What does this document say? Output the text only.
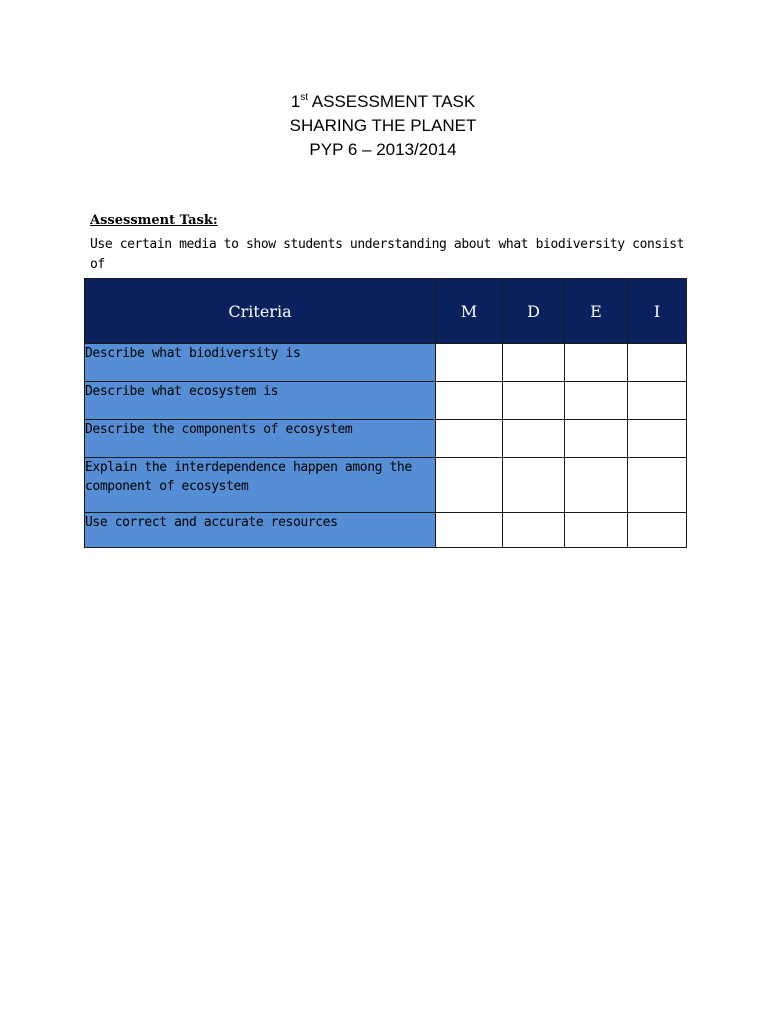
1st ASSESSMENT TASK
SHARING THE PLANET
PYP 6 – 2013/2014
Assessment Task:
Use certain media to show students understanding about what biodiversity consist of
Criteria	M	D	E	I
Describe what biodiversity is				
Describe what ecosystem is				
Describe the components of ecosystem				
Explain the interdependence happen among the component of ecosystem				
Use correct and accurate resources				
